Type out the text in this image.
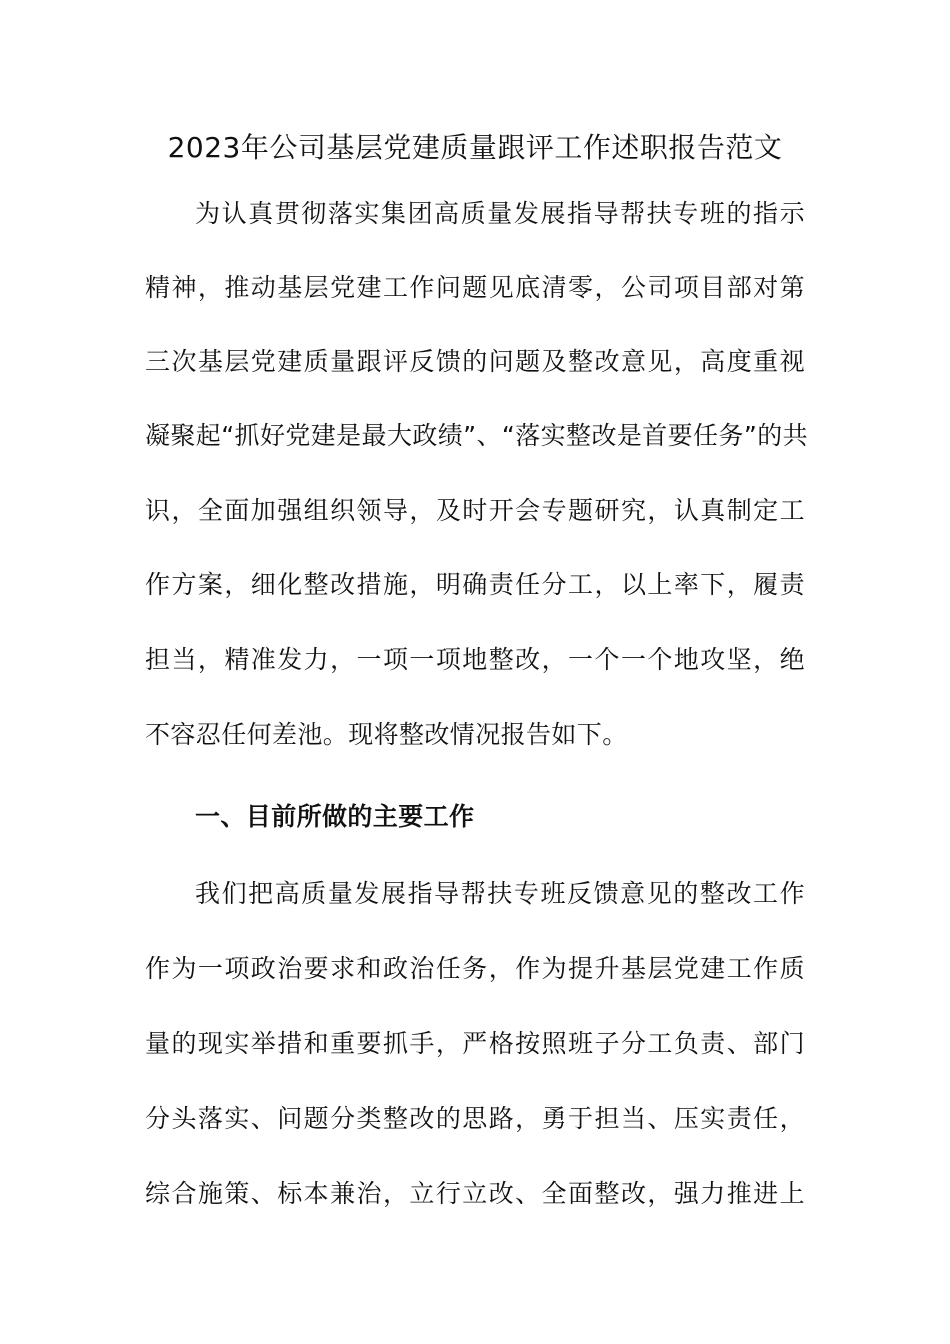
2023年公司基层党建质量跟评工作述职报告范文
为认真贯彻落实集团高质量发展指导帮扶专班的指示
精神，推动基层党建工作问题见底清零，公司项目部对第
三次基层党建质量跟评反馈的问题及整改意见，高度重视
凝聚起“抓好党建是最大政绩”、“落实整改是首要任务”的共
识，全面加强组织领导，及时开会专题研究，认真制定工
作方案，细化整改措施，明确责任分工，以上率下，履责
担当，精准发力，一项一项地整改，一个一个地攻坚，绝
不容忍任何差池。现将整改情况报告如下。
一、目前所做的主要工作
我们把高质量发展指导帮扶专班反馈意见的整改工作
作为一项政治要求和政治任务，作为提升基层党建工作质
量的现实举措和重要抓手，严格按照班子分工负责、部门
分头落实、问题分类整改的思路，勇于担当、压实责任，
综合施策、标本兼治，立行立改、全面整改，强力推进上
